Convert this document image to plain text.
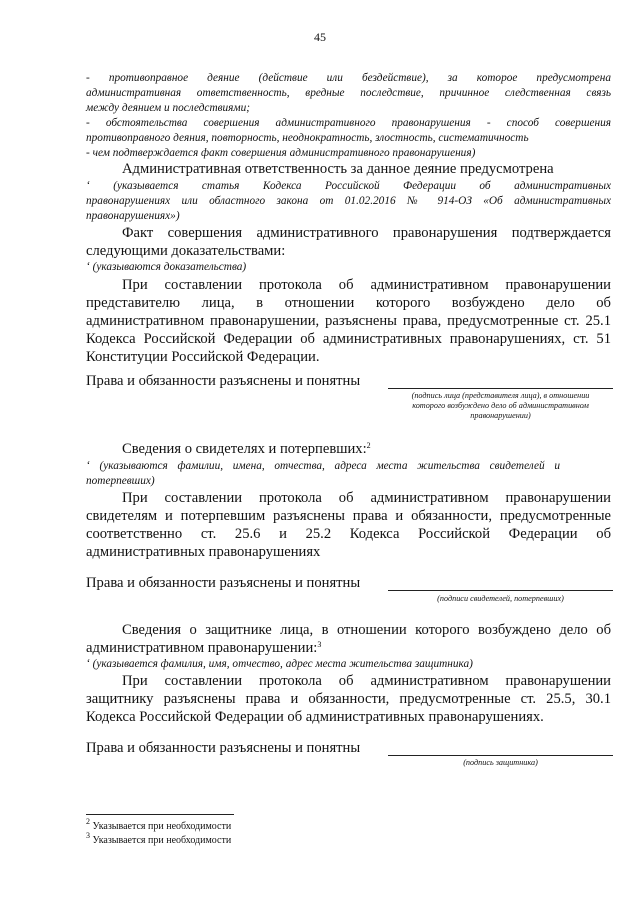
45
- противоправное деяние (действие или бездействие), за которое предусмотрена
административная ответственность, вредные последствие, причинное следственная связь
между деянием и последствиями;
- обстоятельства совершения административного правонарушения - способ совершения
противоправного деяния, повторность, неоднократность, злостность, систематичность
- чем подтверждается факт совершения административного правонарушения)
Административная ответственность за данное деяние предусмотрена
‘ (указывается статья Кодекса Российской Федерации об административных
правонарушениях или областного закона от 01.02.2016 № 914-ОЗ «Об административных
правонарушениях»)
Факт совершения административного правонарушения подтверждается
следующими доказательствами:
‘ (указываются доказательства)
При составлении протокола об административном правонарушении
представителю лица, в отношении которого возбуждено дело об
административном правонарушении, разъяснены права, предусмотренные ст. 25.1
Кодекса Российской Федерации об административных правонарушениях, ст. 51
Конституции Российской Федерации.
Права и обязанности разъяснены и понятны
(подпись лица (представителя лица), в отношении
которого возбуждено дело об административном
правонарушении)
Сведения о свидетелях и потерпевших:$^2$
‘ (указываются фамилии, имена, отчества, адреса места жительства свидетелей и
потерпевших)
При составлении протокола об административном правонарушении
свидетелям и потерпевшим разъяснены права и обязанности, предусмотренные
соответственно ст. 25.6 и 25.2 Кодекса Российской Федерации об
административных правонарушениях
Права и обязанности разъяснены и понятны
(подписи свидетелей, потерпевших)
Сведения о защитнике лица, в отношении которого возбуждено дело об
административном правонарушении:$^3$
‘ (указывается фамилия, имя, отчество, адрес места жительства защитника)
При составлении протокола об административном правонарушении
защитнику разъяснены права и обязанности, предусмотренные ст. 25.5, 30.1
Кодекса Российской Федерации об административных правонарушениях.
Права и обязанности разъяснены и понятны
(подпись защитника)
$^2$ Указывается при необходимости
$^3$ Указывается при необходимости
